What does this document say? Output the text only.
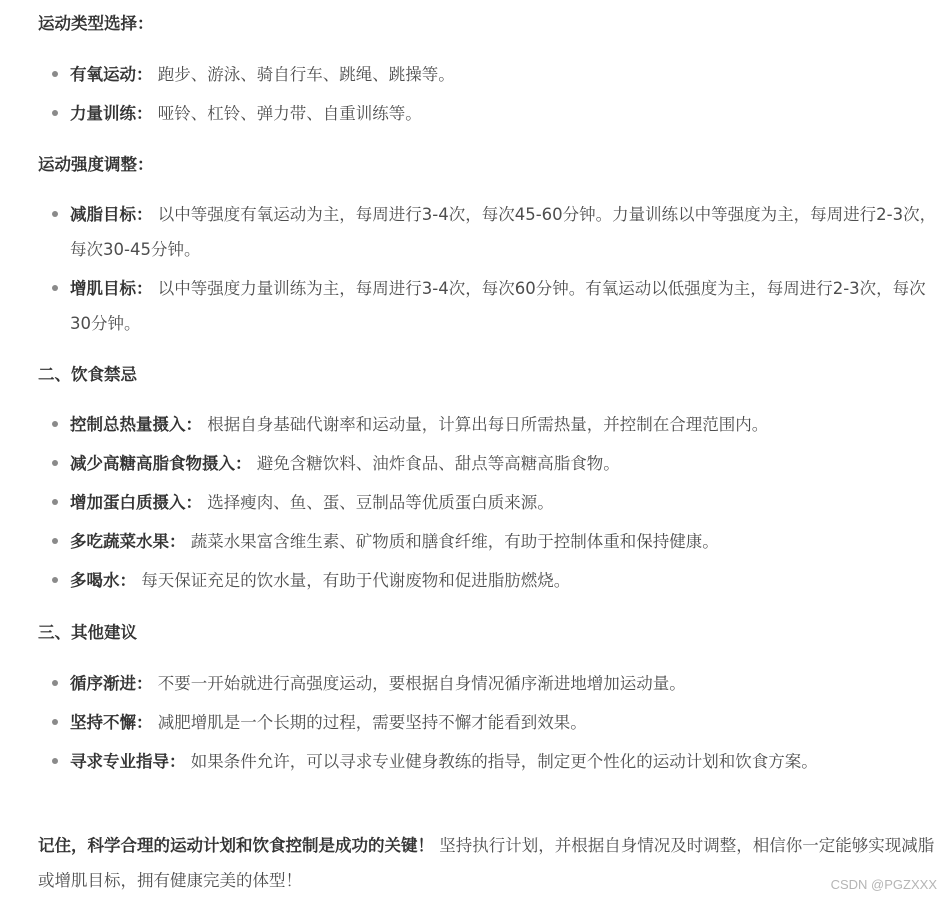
运动类型选择：

有氧运动： 跑步、游泳、骑自行车、跳绳、跳操等。
力量训练： 哑铃、杠铃、弹力带、自重训练等。

运动强度调整：

减脂目标： 以中等强度有氧运动为主，每周进行3-4次，每次45-60分钟。力量训练以中等强度为主，每周进行2-3次，每次30-45分钟。
增肌目标： 以中等强度力量训练为主，每周进行3-4次，每次60分钟。有氧运动以低强度为主，每周进行2-3次，每次30分钟。

二、饮食禁忌

控制总热量摄入： 根据自身基础代谢率和运动量，计算出每日所需热量，并控制在合理范围内。
减少高糖高脂食物摄入： 避免含糖饮料、油炸食品、甜点等高糖高脂食物。
增加蛋白质摄入： 选择瘦肉、鱼、蛋、豆制品等优质蛋白质来源。
多吃蔬菜水果： 蔬菜水果富含维生素、矿物质和膳食纤维，有助于控制体重和保持健康。
多喝水： 每天保证充足的饮水量，有助于代谢废物和促进脂肪燃烧。

三、其他建议

循序渐进： 不要一开始就进行高强度运动，要根据自身情况循序渐进地增加运动量。
坚持不懈： 减肥增肌是一个长期的过程，需要坚持不懈才能看到效果。
寻求专业指导： 如果条件允许，可以寻求专业健身教练的指导，制定更个性化的运动计划和饮食方案。

记住，科学合理的运动计划和饮食控制是成功的关键！ 坚持执行计划，并根据自身情况及时调整，相信你一定能够实现减脂或增肌目标，拥有健康完美的体型！	CSDN @PGZXXX
